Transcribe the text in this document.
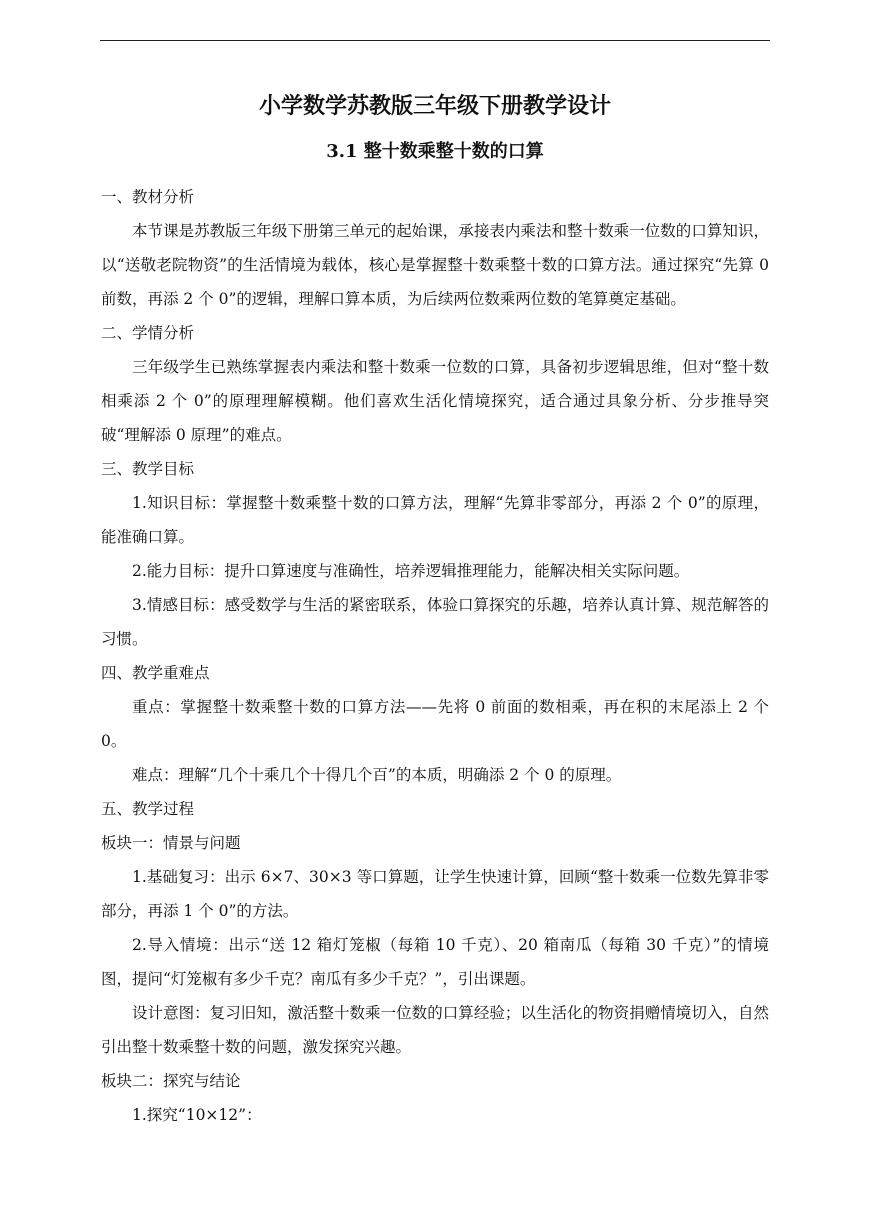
小学数学苏教版三年级下册教学设计
3.1 整十数乘整十数的口算

一、教材分析

本节课是苏教版三年级下册第三单元的起始课，承接表内乘法和整十数乘一位数的口算知识，以“送敬老院物资”的生活情境为载体，核心是掌握整十数乘整十数的口算方法。通过探究“先算 0 前数，再添 2 个 0”的逻辑，理解口算本质，为后续两位数乘两位数的笔算奠定基础。

二、学情分析

三年级学生已熟练掌握表内乘法和整十数乘一位数的口算，具备初步逻辑思维，但对“整十数相乘添 2 个 0”的原理理解模糊。他们喜欢生活化情境探究，适合通过具象分析、分步推导突破“理解添 0 原理”的难点。

三、教学目标

1.知识目标：掌握整十数乘整十数的口算方法，理解“先算非零部分，再添 2 个 0”的原理，能准确口算。

2.能力目标：提升口算速度与准确性，培养逻辑推理能力，能解决相关实际问题。

3.情感目标：感受数学与生活的紧密联系，体验口算探究的乐趣，培养认真计算、规范解答的习惯。

四、教学重难点

重点：掌握整十数乘整十数的口算方法——先将 0 前面的数相乘，再在积的末尾添上 2 个 0。

难点：理解“几个十乘几个十得几个百”的本质，明确添 2 个 0 的原理。

五、教学过程

板块一：情景与问题

1.基础复习：出示 6×7、30×3 等口算题，让学生快速计算，回顾“整十数乘一位数先算非零部分，再添 1 个 0”的方法。

2.导入情境：出示“送 12 箱灯笼椒（每箱 10 千克）、20 箱南瓜（每箱 30 千克）”的情境图，提问“灯笼椒有多少千克？南瓜有多少千克？”，引出课题。

设计意图：复习旧知，激活整十数乘一位数的口算经验；以生活化的物资捐赠情境切入，自然引出整十数乘整十数的问题，激发探究兴趣。

板块二：探究与结论

1.探究“10×12”：
